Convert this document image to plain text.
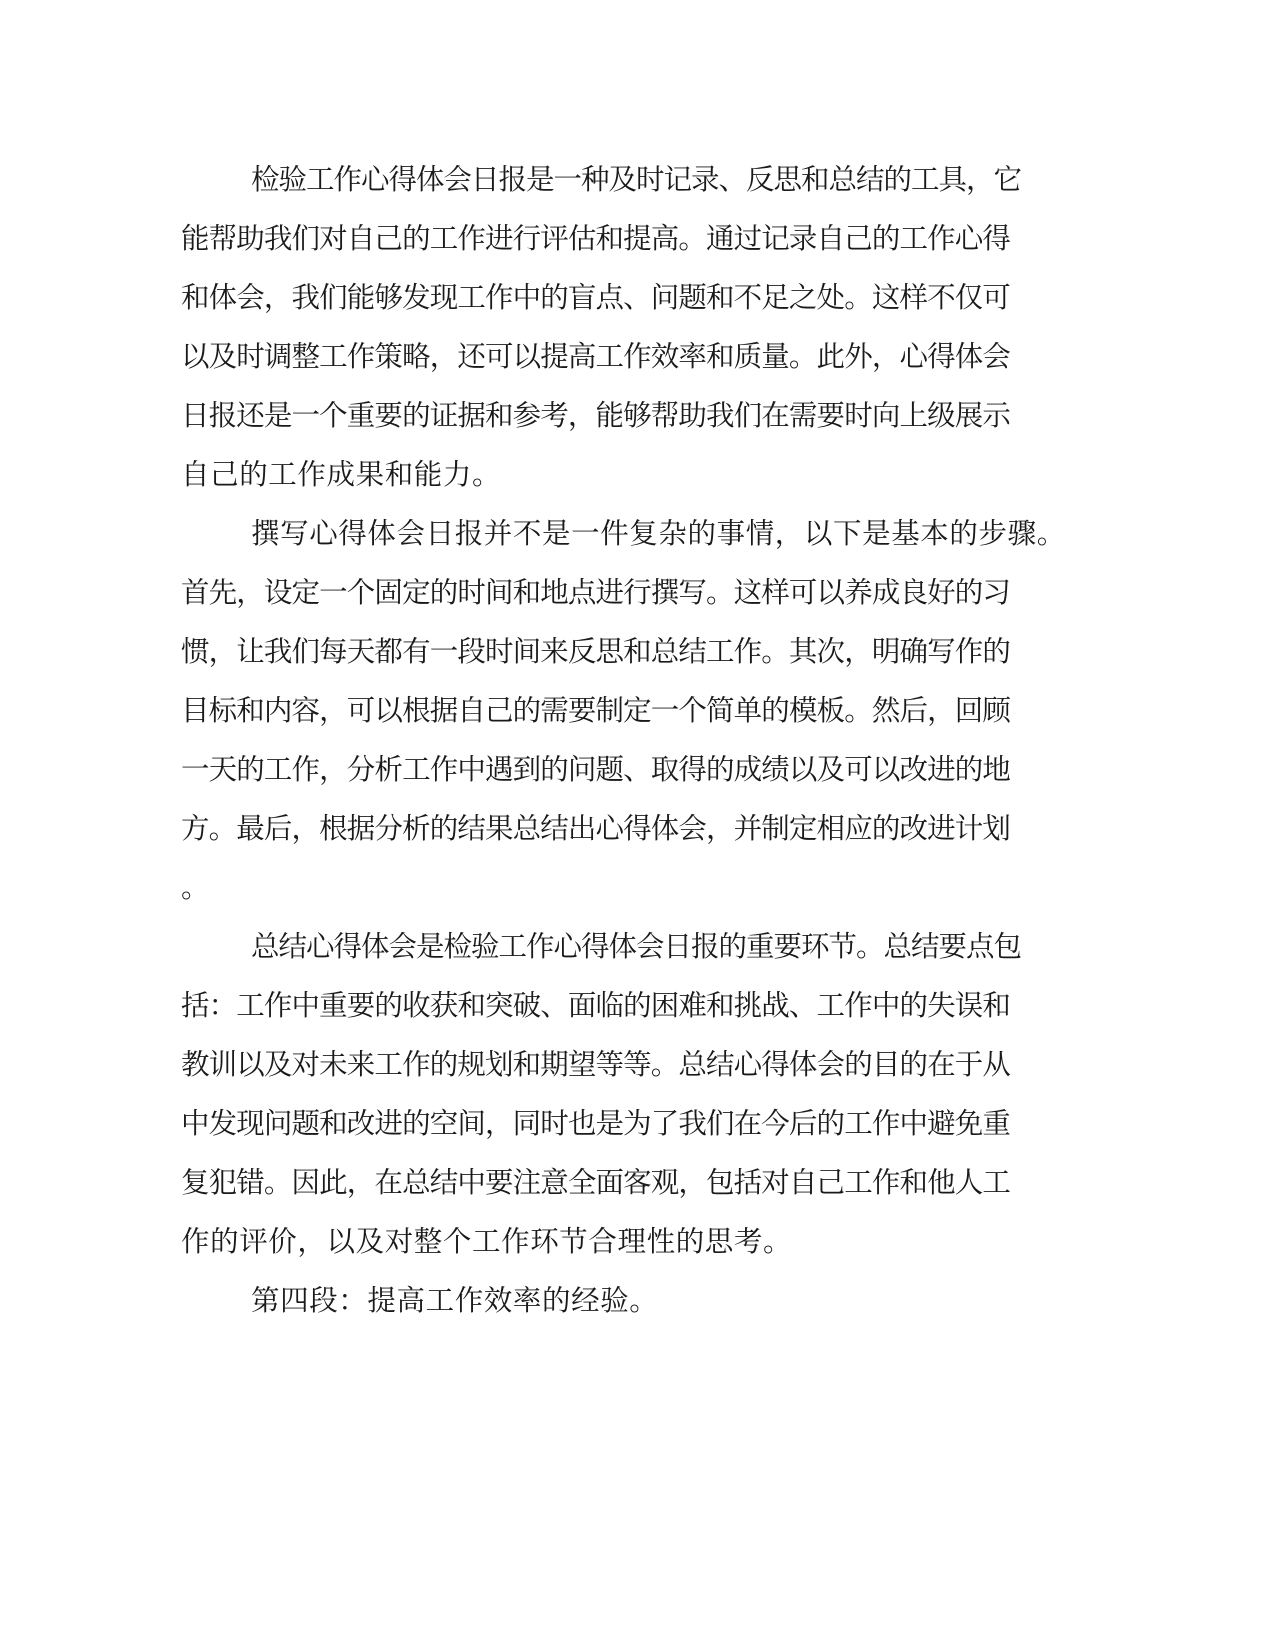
检验工作心得体会日报是一种及时记录、反思和总结的工具，它
能帮助我们对自己的工作进行评估和提高。通过记录自己的工作心得
和体会，我们能够发现工作中的盲点、问题和不足之处。这样不仅可
以及时调整工作策略，还可以提高工作效率和质量。此外，心得体会
日报还是一个重要的证据和参考，能够帮助我们在需要时向上级展示
自己的工作成果和能力。
撰写心得体会日报并不是一件复杂的事情，以下是基本的步骤。
首先，设定一个固定的时间和地点进行撰写。这样可以养成良好的习
惯，让我们每天都有一段时间来反思和总结工作。其次，明确写作的
目标和内容，可以根据自己的需要制定一个简单的模板。然后，回顾
一天的工作，分析工作中遇到的问题、取得的成绩以及可以改进的地
方。最后，根据分析的结果总结出心得体会，并制定相应的改进计划
。
总结心得体会是检验工作心得体会日报的重要环节。总结要点包
括：工作中重要的收获和突破、面临的困难和挑战、工作中的失误和
教训以及对未来工作的规划和期望等等。总结心得体会的目的在于从
中发现问题和改进的空间，同时也是为了我们在今后的工作中避免重
复犯错。因此，在总结中要注意全面客观，包括对自己工作和他人工
作的评价，以及对整个工作环节合理性的思考。
第四段：提高工作效率的经验。
